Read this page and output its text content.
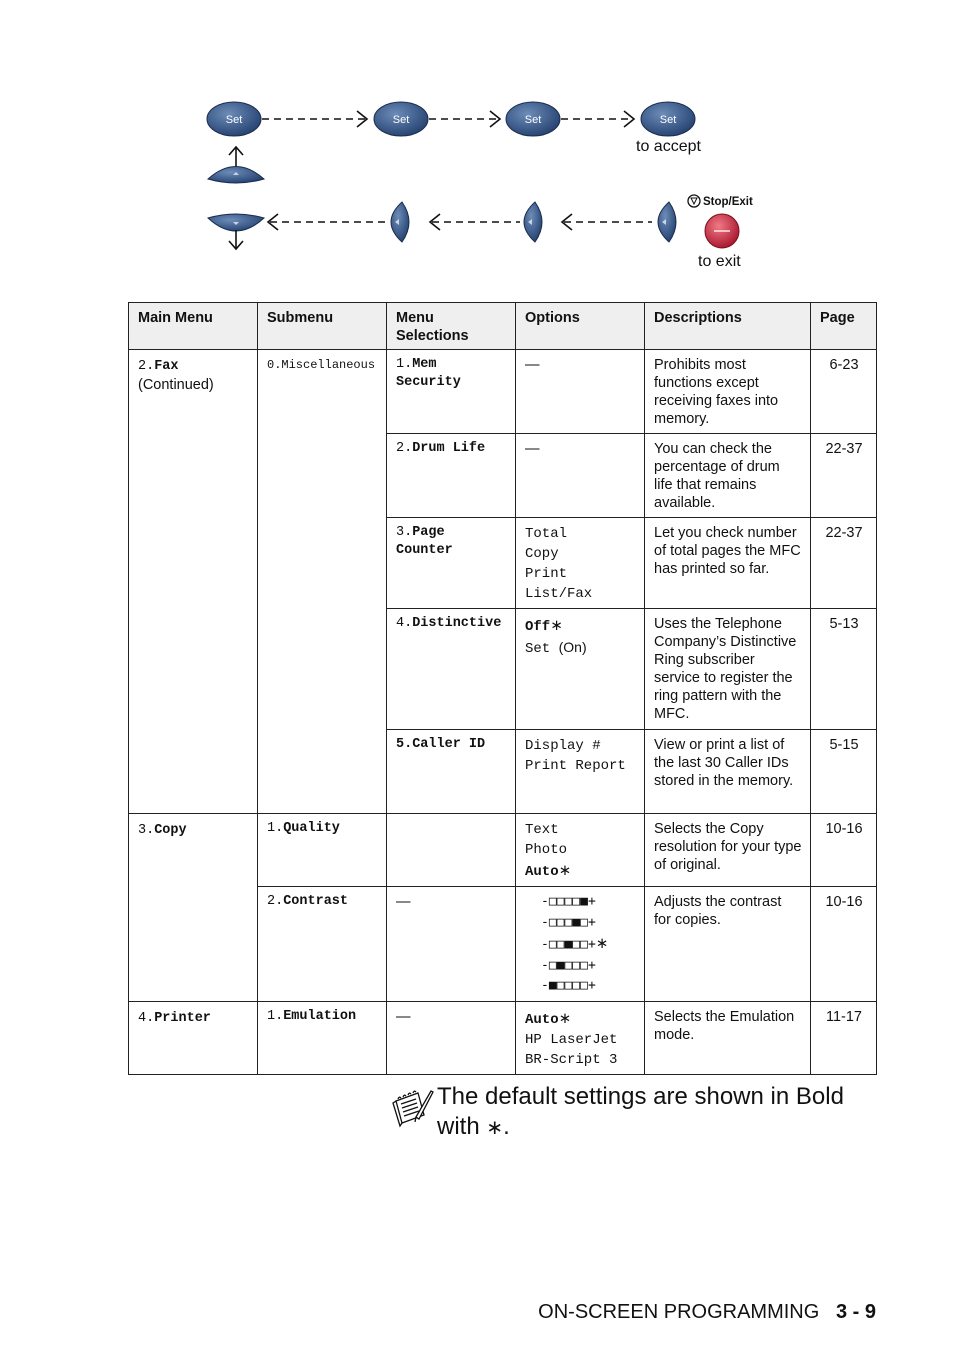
Set	Set	Set	Set
Stop/Exit
to accept
to exit
Main Menu	Submenu	Menu Selections	Options	Descriptions	Page
2.Fax
(Continued)	0.Miscellaneous	1.Mem Security	—	Prohibits most functions except receiving faxes into memory.	6-23
		2.Drum Life	—	You can check the percentage of drum life that remains available.	22-37
		3.Page Counter	Total
Copy
Print
List/Fax	Let you check number of total pages the MFC has printed so far.	22-37
		4.Distinctive	Off∗
Set (On)	Uses the Telephone Company’s Distinctive Ring subscriber service to register the ring pattern with the MFC.	5-13
		5.Caller ID	Display #
Print Report	View or print a list of the last 30 Caller IDs stored in the memory.	5-15
3.Copy	1.Quality		Text
Photo
Auto∗	Selects the Copy resolution for your type of original.	10-16
	2.Contrast	—	-□□□□■+
-□□□■□+
-□□■□□+∗
-□■□□□+
-■□□□□+	Adjusts the contrast for copies.	10-16
4.Printer	1.Emulation	—	Auto∗
HP LaserJet
BR-Script 3	Selects the Emulation mode.	11-17
The default settings are shown in Bold
with ∗.
ON-SCREEN PROGRAMMING 3 - 9
